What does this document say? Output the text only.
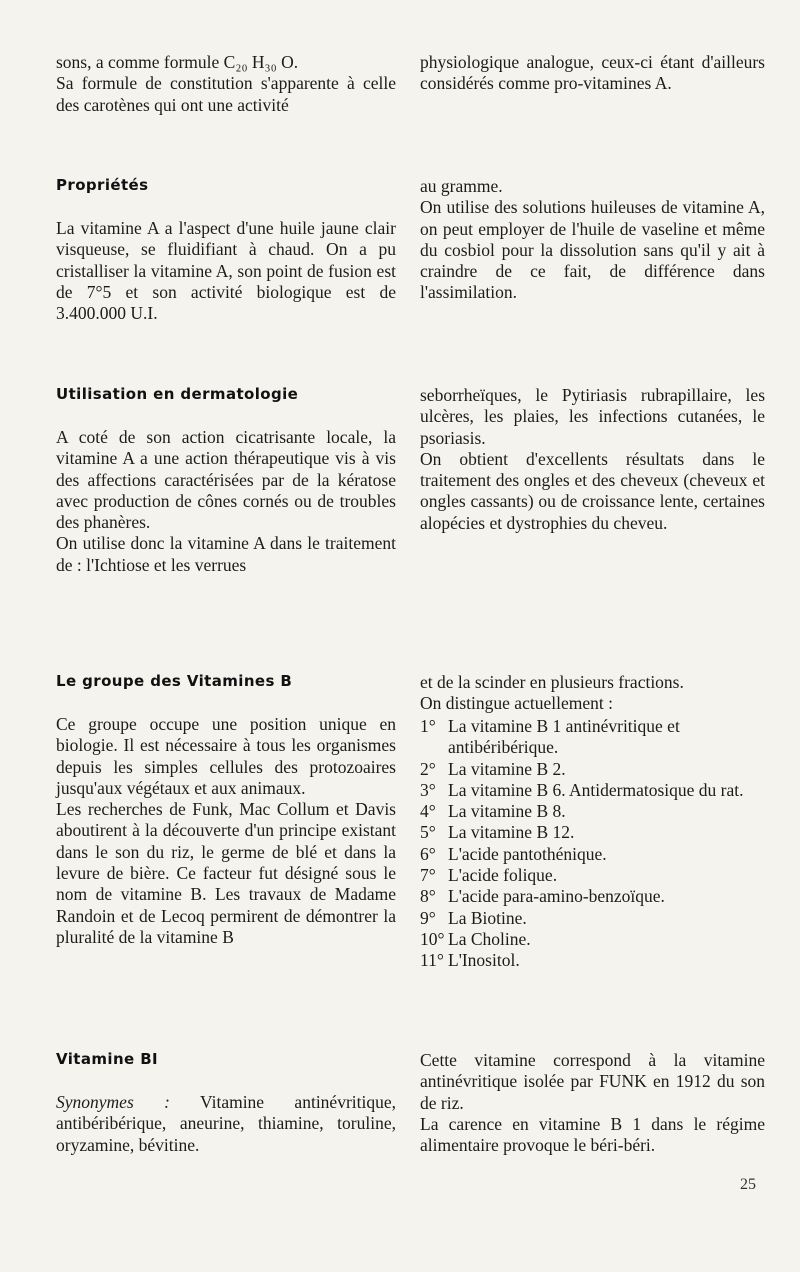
sons, a comme formule C₂₀ H₃₀ O.

Sa formule de constitution s'apparente à celle des carotènes qui ont une activité

Propriétés

La vitamine A a l'aspect d'une huile jaune clair visqueuse, se fluidifiant à chaud. On a pu cristalliser la vitamine A, son point de fusion est de 7°5 et son activité biologique est de 3.400.000 U.I.

Utilisation en dermatologie

A coté de son action cicatrisante locale, la vitamine A a une action thérapeutique vis à vis des affections caractérisées par de la kératose avec production de cônes cornés ou de troubles des phanères.

On utilise donc la vitamine A dans le traitement de : l'Ichtiose et les verrues

Le groupe des Vitamines B

Ce groupe occupe une position unique en biologie. Il est nécessaire à tous les organismes depuis les simples cellules des protozoaires jusqu'aux végétaux et aux animaux.

Les recherches de Funk, Mac Collum et Davis aboutirent à la découverte d'un principe existant dans le son du riz, le germe de blé et dans la levure de bière. Ce facteur fut désigné sous le nom de vitamine B. Les travaux de Madame Randoin et de Lecoq permirent de démontrer la pluralité de la vitamine B

Vitamine BI

Synonymes : Vitamine antinévritique, antibéribérique, aneurine, thiamine, toruline, oryzamine, bévitine.

physiologique analogue, ceux-ci étant d'ailleurs considérés comme pro-vitamines A.

au gramme.

On utilise des solutions huileuses de vitamine A, on peut employer de l'huile de vaseline et même du cosbiol pour la dissolution sans qu'il y ait à craindre de ce fait, de différence dans l'assimilation.

seborrheïques, le Pytiriasis rubrapillaire, les ulcères, les plaies, les infections cutanées, le psoriasis.

On obtient d'excellents résultats dans le traitement des ongles et des cheveux (cheveux et ongles cassants) ou de croissance lente, certaines alopécies et dystrophies du cheveu.

et de la scinder en plusieurs fractions.

On distingue actuellement :

1° La vitamine B 1 antinévritique et antibéribérique.
2° La vitamine B 2.
3° La vitamine B 6. Antidermatosique du rat.
4° La vitamine B 8.
5° La vitamine B 12.
6° L'acide pantothénique.
7° L'acide folique.
8° L'acide para-amino-benzoïque.
9° La Biotine.
10° La Choline.
11° L'Inositol.

Cette vitamine correspond à la vitamine antinévritique isolée par FUNK en 1912 du son de riz.

La carence en vitamine B 1 dans le régime alimentaire provoque le béri-béri.

25
